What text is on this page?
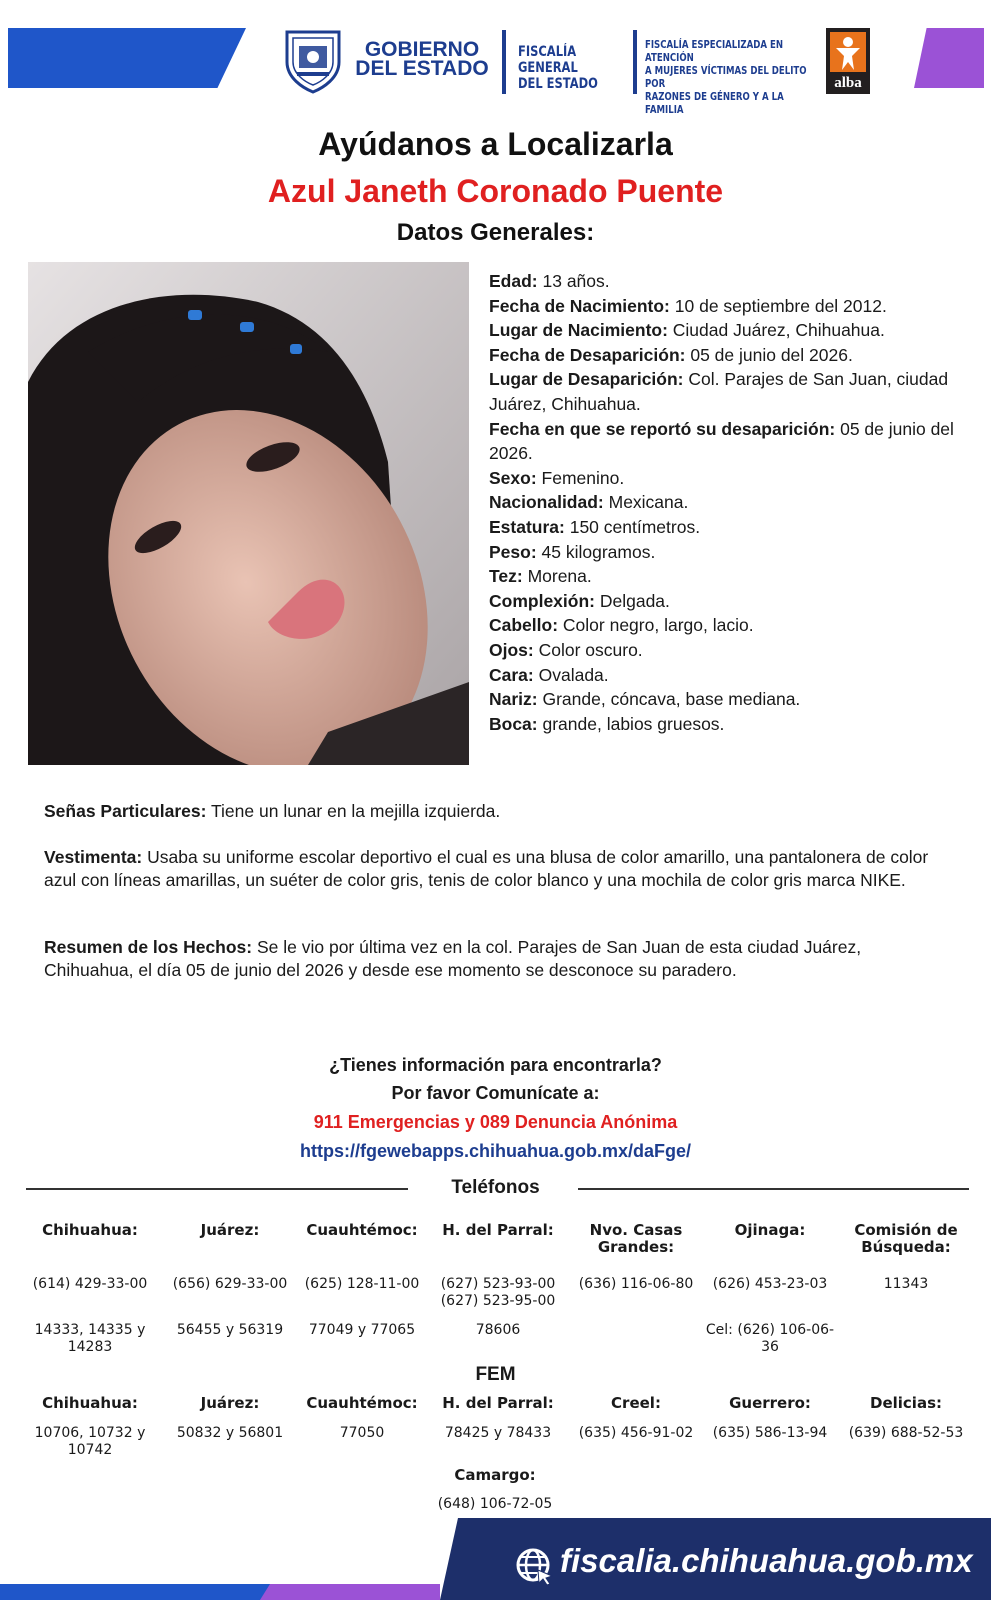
GOBIERNO
DEL ESTADO
FISCALÍA GENERAL
DEL ESTADO
FISCALÍA ESPECIALIZADA EN ATENCIÓN
A MUJERES VÍCTIMAS DEL DELITO POR
RAZONES DE GÉNERO Y A LA FAMILIA
alba
Ayúdanos a Localizarla
Azul Janeth Coronado Puente
Datos Generales:
Edad: 13 años.
Fecha de Nacimiento: 10 de septiembre del 2012.
Lugar de Nacimiento: Ciudad Juárez, Chihuahua.
Fecha de Desaparición: 05 de junio del 2026.
Lugar de Desaparición: Col. Parajes de San Juan, ciudad Juárez, Chihuahua.
Fecha en que se reportó su desaparición: 05 de junio del 2026.
Sexo: Femenino.
Nacionalidad: Mexicana.
Estatura: 150 centímetros.
Peso: 45 kilogramos.
Tez: Morena.
Complexión: Delgada.
Cabello: Color negro, largo, lacio.
Ojos: Color oscuro.
Cara: Ovalada.
Nariz: Grande, cóncava, base mediana.
Boca: grande, labios gruesos.
Señas Particulares: Tiene un lunar en la mejilla izquierda.
Vestimenta: Usaba su uniforme escolar deportivo el cual es una blusa de color amarillo, una pantalonera de color azul con líneas amarillas, un suéter de color gris, tenis de color blanco y una mochila de color gris marca NIKE.
Resumen de los Hechos: Se le vio por última vez en la col. Parajes de San Juan de esta ciudad Juárez, Chihuahua, el día 05 de junio del 2026 y desde ese momento se desconoce su paradero.
¿Tienes información para encontrarla?
Por favor Comunícate a:
911 Emergencias y 089 Denuncia Anónima
https://fgewebapps.chihuahua.gob.mx/daFge/
Teléfonos
Chihuahua:
(614) 429-33-00
14333, 14335 y 14283
Juárez:
(656) 629-33-00
56455 y 56319
Cuauhtémoc:
(625) 128-11-00
77049 y 77065
H. del Parral:
(627) 523-93-00 (627) 523-95-00
78606
Nvo. Casas Grandes:
(636) 116-06-80
Ojinaga:
(626) 453-23-03
Cel: (626) 106-06-36
Comisión de Búsqueda:
11343
FEM
Chihuahua:
10706, 10732 y 10742
Juárez:
50832 y 56801
Cuauhtémoc:
77050
H. del Parral:
78425 y 78433
Creel:
(635) 456-91-02
Guerrero:
(635) 586-13-94
Delicias:
(639) 688-52-53
Camargo:
(648) 106-72-05
fiscalia.chihuahua.gob.mx
